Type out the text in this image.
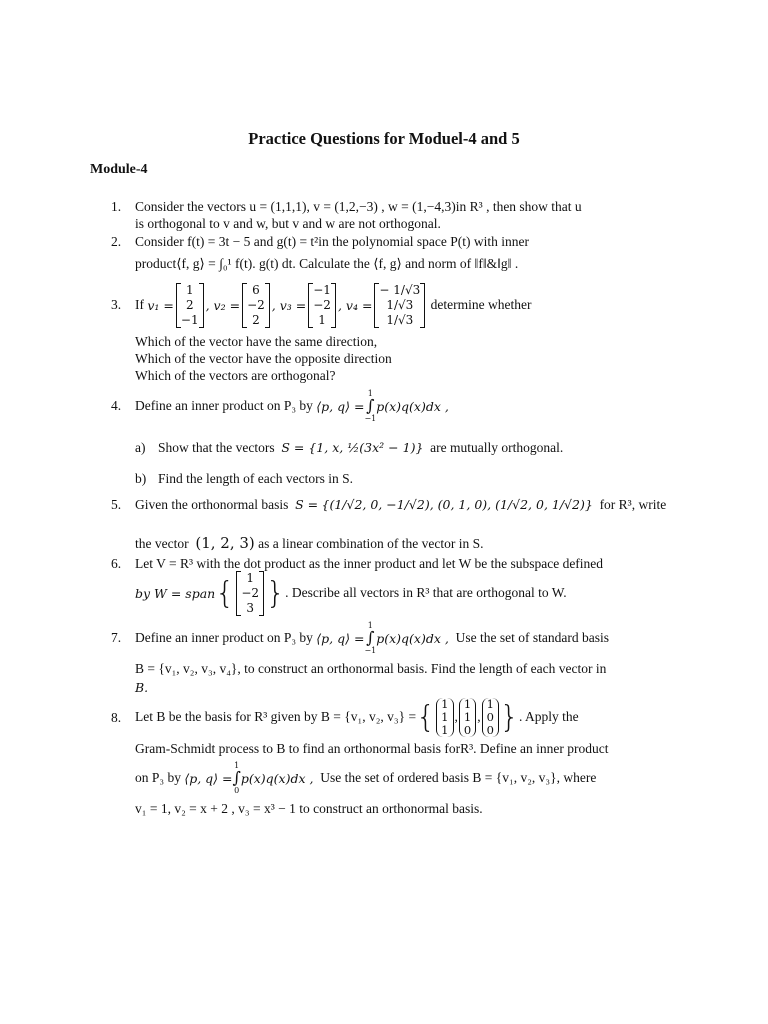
Practice Questions for Moduel-4 and 5
Module-4
1. Consider the vectors u = (1,1,1), v = (1,2,−3) , w = (1,−4,3)in R³ , then show that u
is orthogonal to v and w, but v and w are not orthogonal.
2. Consider f(t) = 3t − 5 and g(t) = t²in the polynomial space P(t) with inner
product⟨f, g⟩ = ∫₀¹ f(t). g(t) dt. Calculate the ⟨f, g⟩ and norm of ‖f‖&‖g‖ .
3. If
v₁ =
1
2
−1
, v₂ =
6
−2
2
, v₃ =
−1
−2
1
, v₄ =
− 1/√3
1/√3
1/√3

determine whether
Which of the vector have the same direction,
Which of the vector have the opposite direction
Which of the vectors are orthogonal?
4. Define an inner product on P₃ by
⟨p, q⟩ =
1
∫
−1
p(x)q(x)dx ,
a) Show that the vectors S = {1, x, ½(3x² − 1)} are mutually orthogonal.
b) Find the length of each vectors in S.
5. Given the orthonormal basis S = {(1/√2, 0, −1/√2), (0, 1, 0), (1/√2, 0, 1/√2)} for R³, write
the vector (1, 2, 3) as a linear combination of the vector in S.
6. Let V = R³ with the dot product as the inner product and let W be the subspace defined
by W = span {	1
−2
3 } . Describe all vectors in R³ that are orthogonal to W.
7. Define an inner product on P₃ by
⟨p, q⟩ =
1
∫
−1
p(x)q(x)dx ,
Use the set of standard basis
B = {v₁, v₂, v₃, v₄}, to construct an orthonormal basis. Find the length of each vector in
B.
8. Let B be the basis for R³ given by B = {v₁, v₂, v₃} = { 1
1
1
,
1
1
0
,
1
0
0 } . Apply the
Gram-Schmidt process to B to find an orthonormal basis forR³. Define an inner product
on P₃ by
⟨p, q⟩ =
1
∫
0
p(x)q(x)dx ,
Use the set of ordered basis B = {v₁, v₂, v₃}, where
v₁ = 1, v₂ = x + 2 , v₃ = x³ − 1 to construct an orthonormal basis.
